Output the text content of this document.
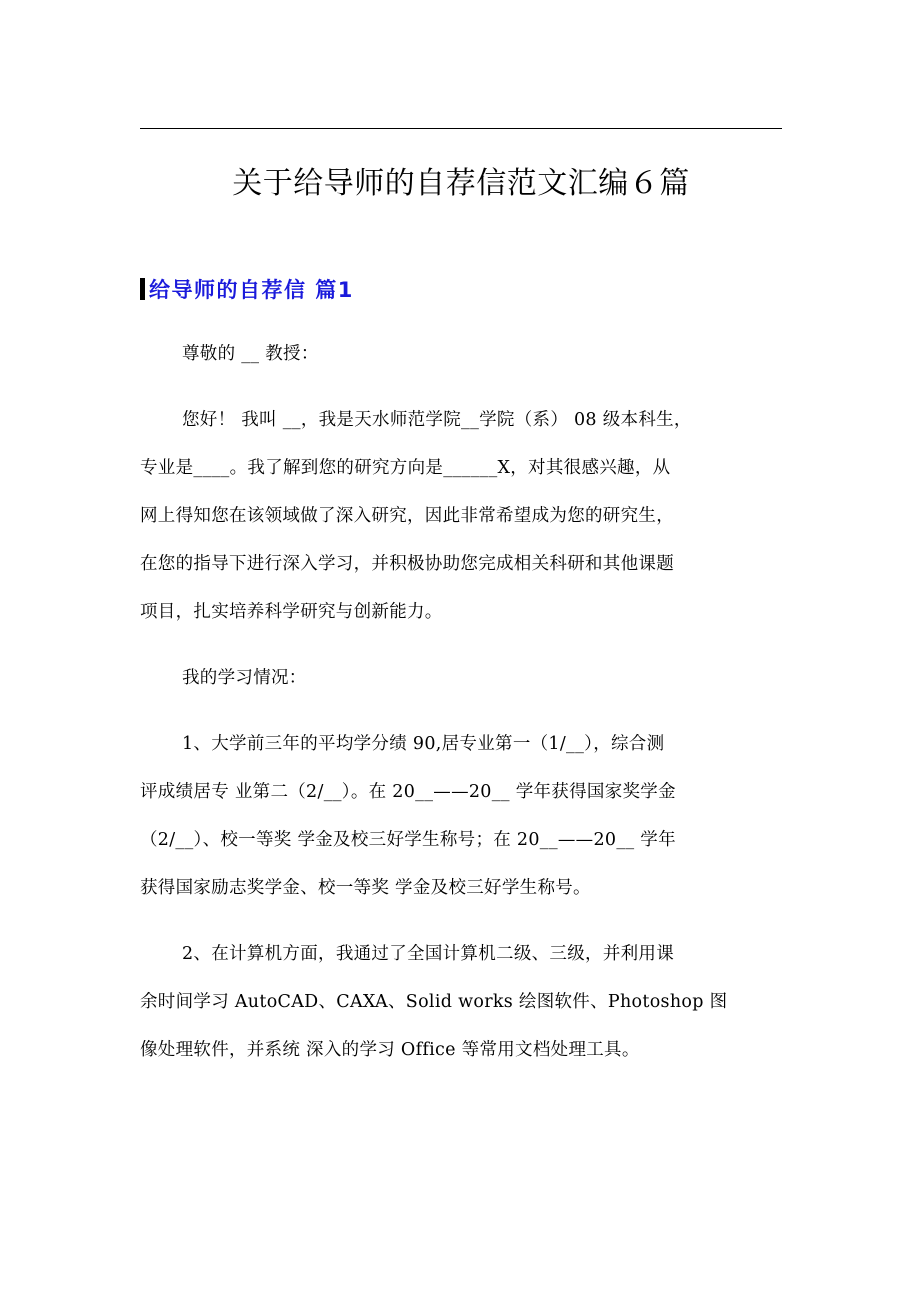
关于给导师的自荐信范文汇编６篇
给导师的自荐信 篇1
尊敬的 __ 教授：
您好！ 我叫 __，我是天水师范学院__学院（系） 08 级本科生，
专业是____。我了解到您的研究方向是______X，对其很感兴趣，从
网上得知您在该领域做了深入研究，因此非常希望成为您的研究生，
在您的指导下进行深入学习，并积极协助您完成相关科研和其他课题
项目，扎实培养科学研究与创新能力。
我的学习情况：
1、大学前三年的平均学分绩 90,居专业第一（1/__），综合测
评成绩居专 业第二（2/__）。在 20__——20__ 学年获得国家奖学金
（2/__）、校一等奖 学金及校三好学生称号；在 20__——20__ 学年
获得国家励志奖学金、校一等奖 学金及校三好学生称号。
2、在计算机方面，我通过了全国计算机二级、三级，并利用课
余时间学习 AutoCAD、CAXA、Solid works 绘图软件、Photoshop 图
像处理软件，并系统 深入的学习 Office 等常用文档处理工具。
